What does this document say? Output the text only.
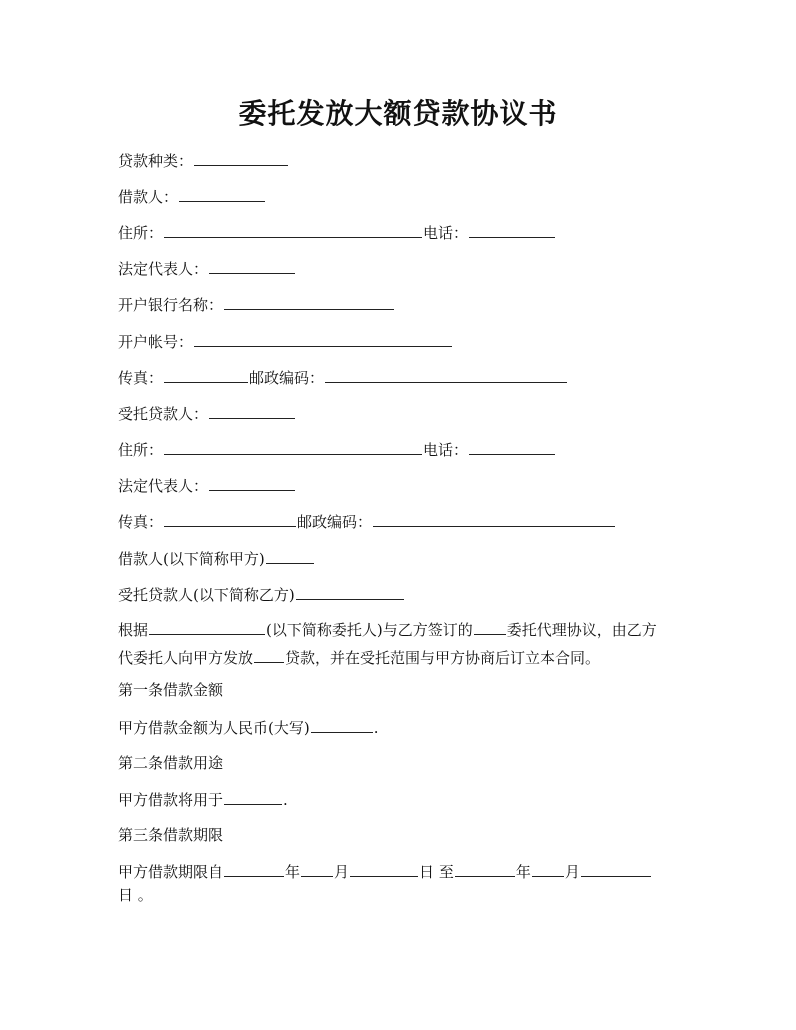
委托发放大额贷款协议书
贷款种类：
借款人：
住所：	电话：
法定代表人：
开户银行名称：
开户帐号：
传真：	邮政编码：
受托贷款人：
住所：	电话：
法定代表人：
传真：	邮政编码：
借款人(以下简称甲方)
受托贷款人(以下简称乙方)
根据	(以下简称委托人)与乙方签订的 委托代理协议，由乙方
代委托人向甲方发放 贷款，并在受托范围与甲方协商后订立本合同。
第一条借款金额
甲方借款金额为人民币(大写)	.
第二条借款用途
甲方借款将用于	.
第三条借款期限
甲方借款期限自	年 月	日 至	年 月
日 。
